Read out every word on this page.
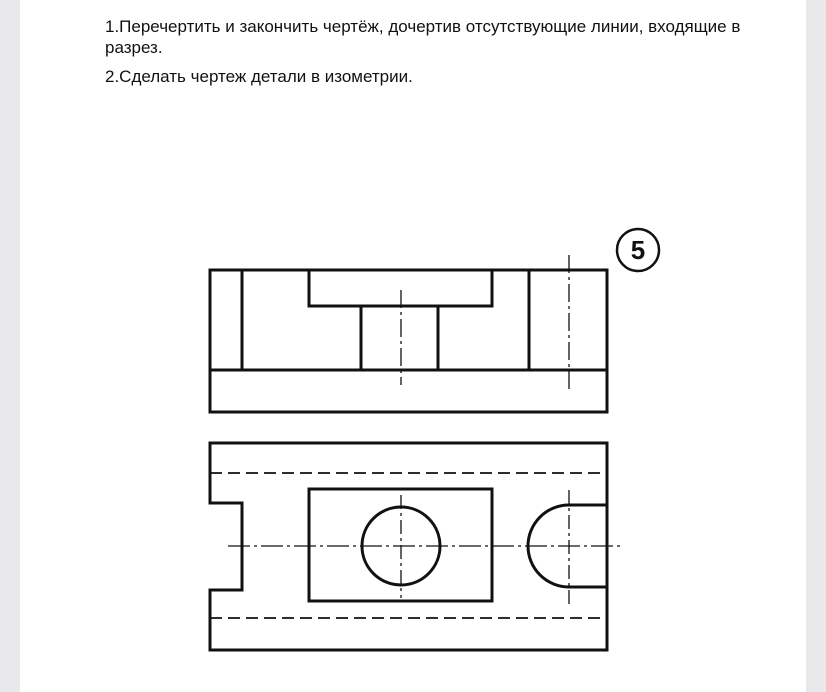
1.Перечертить и закончить чертёж, дочертив отсутствующие линии, входящие в разрез.

2.Сделать чертеж детали в изометрии.

5
